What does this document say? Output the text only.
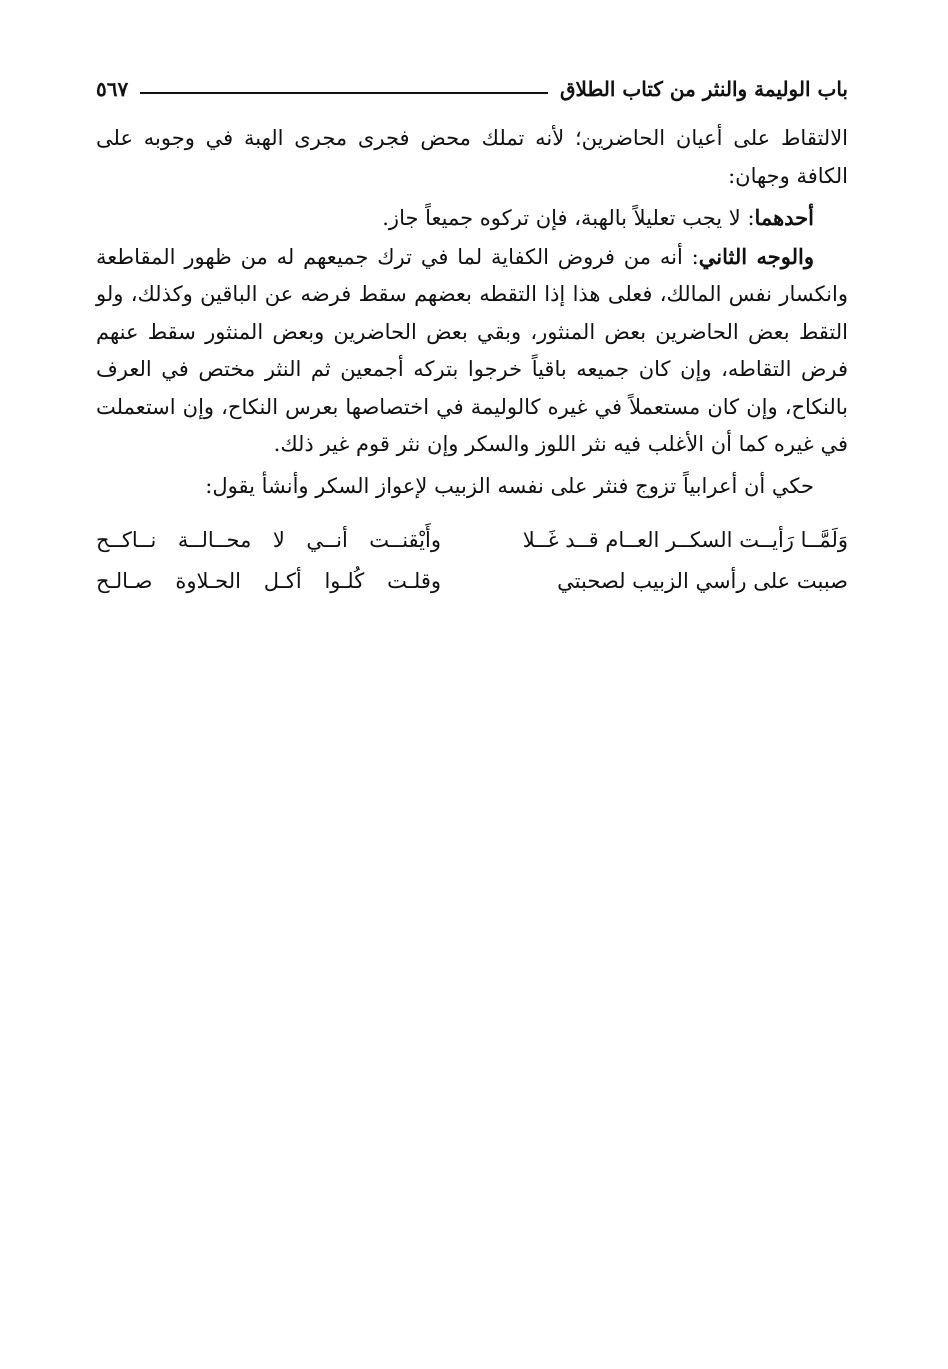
باب الوليمة والنثر من كتاب الطلاق
٥٦٧

الالتقاط على أعيان الحاضرين؛ لأنه تملك محض فجرى مجرى الهبة في وجوبه على الكافة وجهان:

أحدهما: لا يجب تعليلاً بالهبة، فإن تركوه جميعاً جاز.

والوجه الثاني: أنه من فروض الكفاية لما في ترك جميعهم له من ظهور المقاطعة وانكسار نفس المالك، فعلى هذا إذا التقطه بعضهم سقط فرضه عن الباقين وكذلك، ولو التقط بعض الحاضرين بعض المنثور، وبقي بعض الحاضرين وبعض المنثور سقط عنهم فرض التقاطه، وإن كان جميعه باقياً خرجوا بتركه أجمعين ثم النثر مختص في العرف بالنكاح، وإن كان مستعملاً في غيره كالوليمة في اختصاصها بعرس النكاح، وإن استعملت في غيره كما أن الأغلب فيه نثر اللوز والسكر وإن نثر قوم غير ذلك.

حكي أن أعرابياً تزوج فنثر على نفسه الزبيب لإعواز السكر وأنشأ يقول:

وَلَمَّــا رَأيــت السكــر العــام قــد غَــلا
وأَيْقنــت أنــي لا محــالــة نــاكــح
صببت على رأسي الزبيب لصحبتي
وقلـت كُلـوا أكـل الحـلاوة صـالـح
